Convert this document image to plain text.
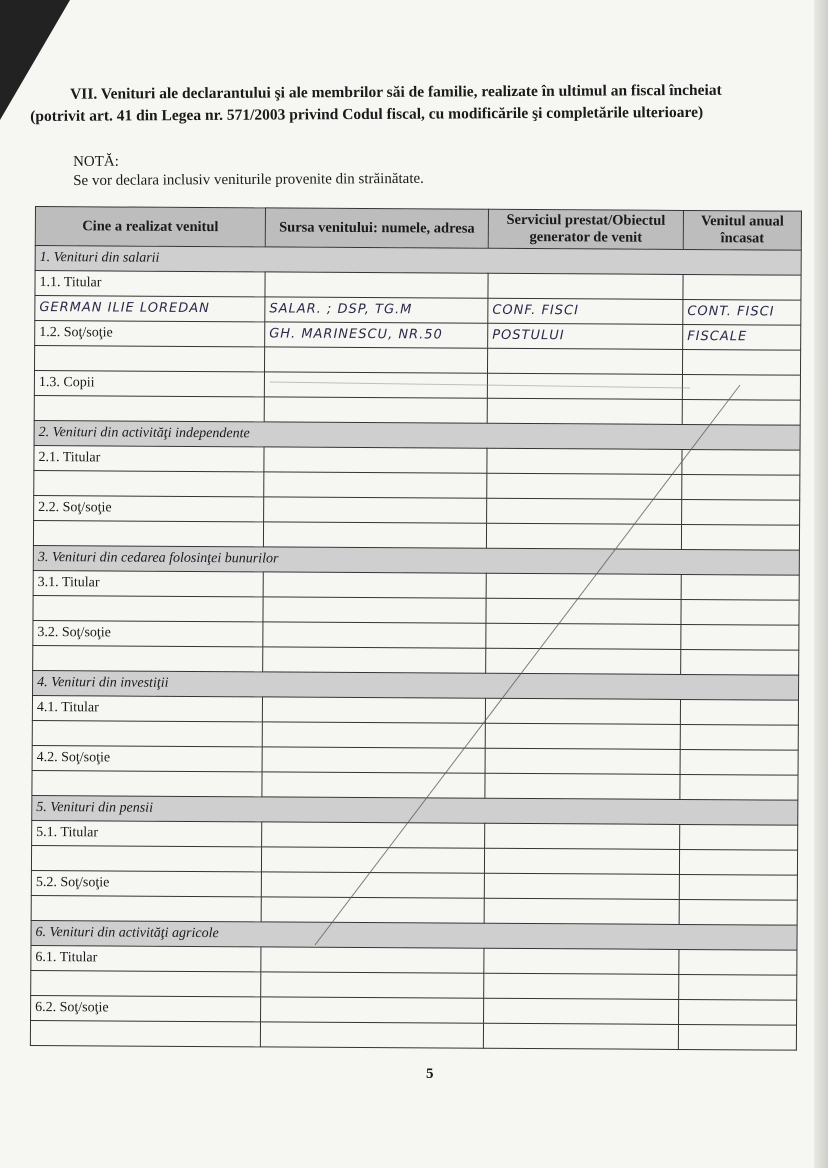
VII. Venituri ale declarantului şi ale membrilor săi de familie, realizate în ultimul an fiscal încheiat
(potrivit art. 41 din Legea nr. 571/2003 privind Codul fiscal, cu modificările şi completările ulterioare)
NOTĂ:
Se vor declara inclusiv veniturile provenite din străinătate.
Cine a realizat venitul	Sursa venitului: numele, adresa	Serviciul prestat/Obiectul generator de venit	Venitul anual încasat
1. Venituri din salarii			
1.1. Titular			
GERMAN ILIE LOREDAN	SALAR. ; DSP, TG.M	CONF. FISCI	CONT. FISCI
1.2. Soţ/soţie	GH. MARINESCU, NR.50	POSTULUI	FISCALE

1.3. Copii			

2. Venituri din activităţi independente			
2.1. Titular			

2.2. Soţ/soţie			

3. Venituri din cedarea folosinţei bunurilor			
3.1. Titular			

3.2. Soţ/soţie			

4. Venituri din investiţii			
4.1. Titular			

4.2. Soţ/soţie			

5. Venituri din pensii			
5.1. Titular			

5.2. Soţ/soţie			

6. Venituri din activităţi agricole			
6.1. Titular			

6.2. Soţ/soţie			

5
